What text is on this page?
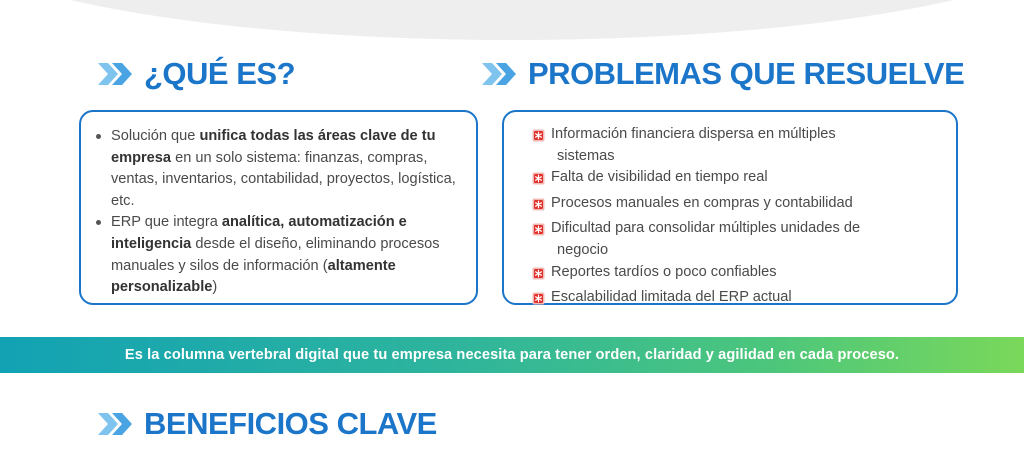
¿QUÉ ES?	PROBLEMAS QUE RESUELVE
Solución que unifica todas las áreas clave de tu empresa en un solo sistema: finanzas, compras, ventas, inventarios, contabilidad, proyectos, logística, etc.
ERP que integra analítica, automatización e inteligencia desde el diseño, eliminando procesos manuales y silos de información (altamente personalizable)
Información financiera dispersa en múltiples
sistemas
Falta de visibilidad en tiempo real
Procesos manuales en compras y contabilidad
Dificultad para consolidar múltiples unidades de
negocio
Reportes tardíos o poco confiables
Escalabilidad limitada del ERP actual
Es la columna vertebral digital que tu empresa necesita para tener orden, claridad y agilidad en cada proceso.
BENEFICIOS CLAVE
